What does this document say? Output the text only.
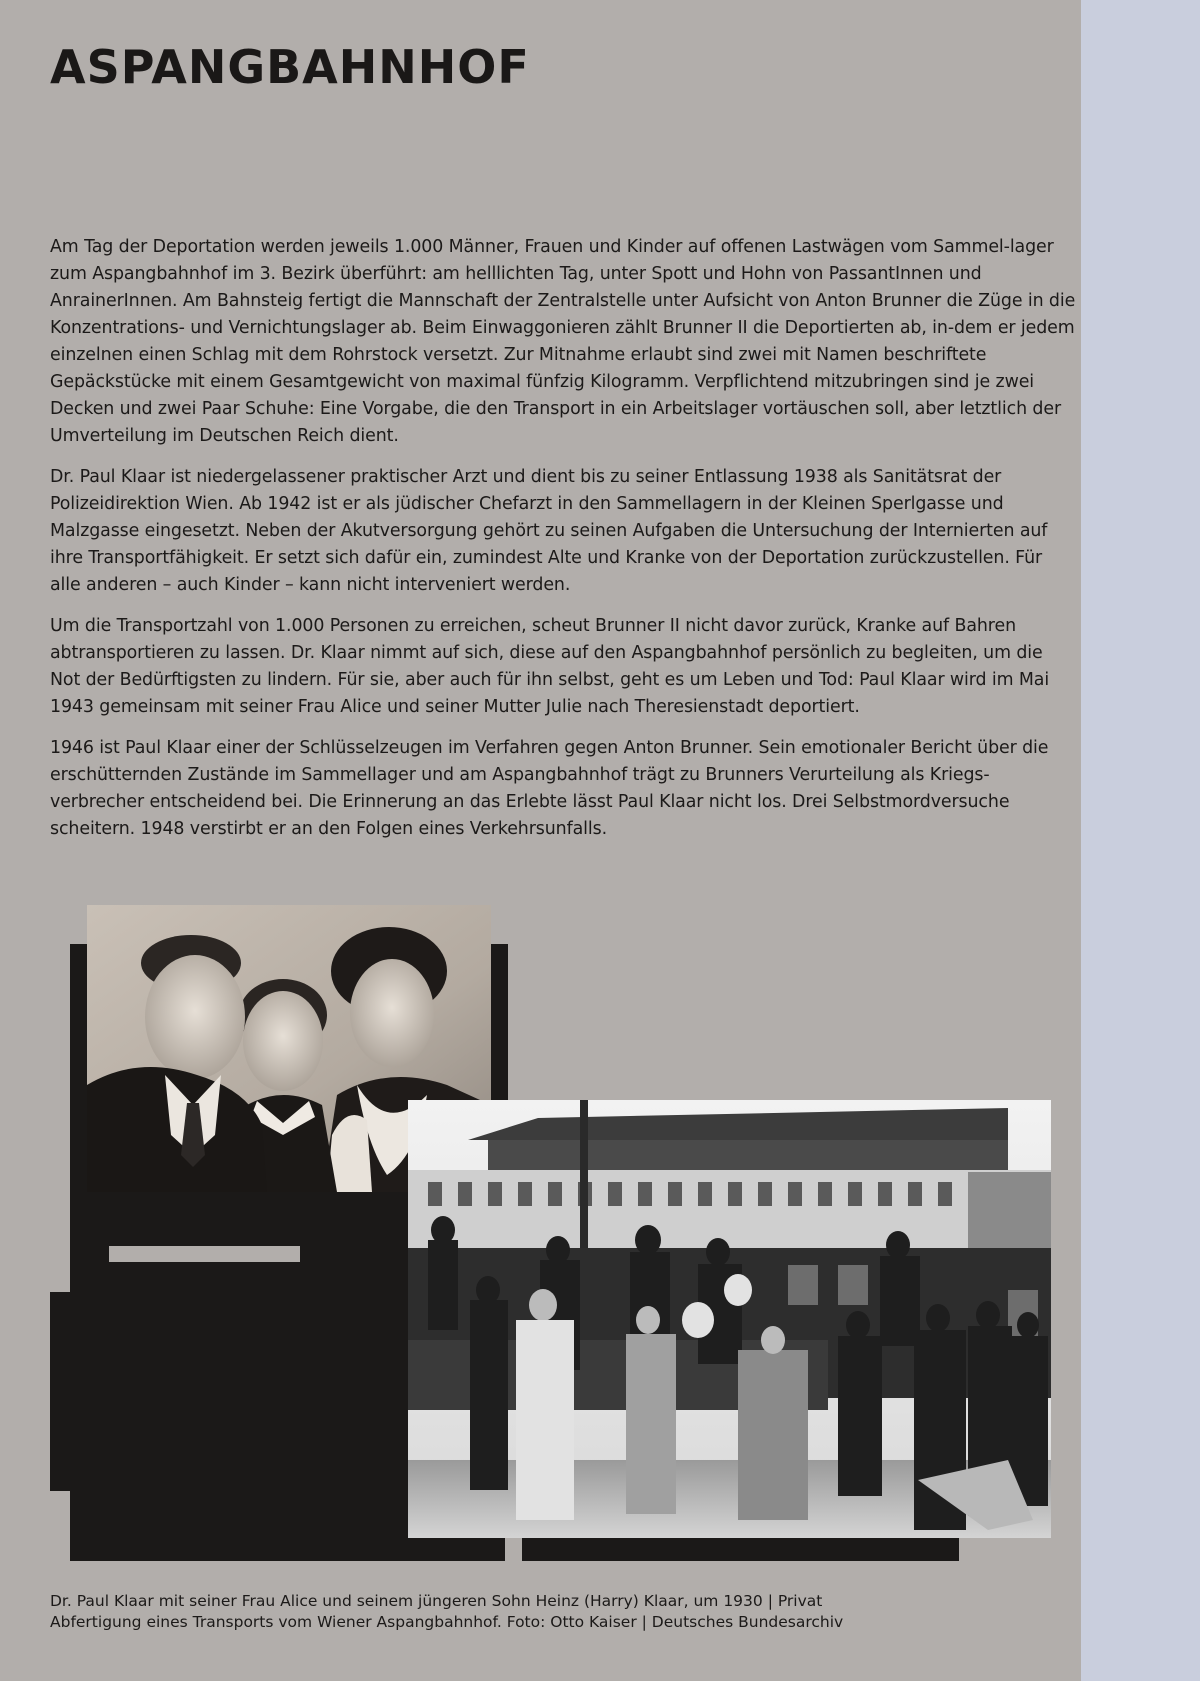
ASPANGBAHNHOF

Am Tag der Deportation werden jeweils 1.000 Männer, Frauen und Kinder auf offenen Lastwägen vom Sammel-lager zum Aspangbahnhof im 3. Bezirk überführt: am helllichten Tag, unter Spott und Hohn von PassantInnen und AnrainerInnen. Am Bahnsteig fertigt die Mannschaft der Zentralstelle unter Aufsicht von Anton Brunner die Züge in die Konzentrations- und Vernichtungslager ab. Beim Einwaggonieren zählt Brunner II die Deportierten ab, in-dem er jedem einzelnen einen Schlag mit dem Rohrstock versetzt. Zur Mitnahme erlaubt sind zwei mit Namen beschriftete Gepäckstücke mit einem Gesamtgewicht von maximal fünfzig Kilogramm. Verpflichtend mitzubringen sind je zwei Decken und zwei Paar Schuhe: Eine Vorgabe, die den Transport in ein Arbeitslager vortäuschen soll, aber letztlich der Umverteilung im Deutschen Reich dient.

Dr. Paul Klaar ist niedergelassener praktischer Arzt und dient bis zu seiner Entlassung 1938 als Sanitätsrat der Polizeidirektion Wien. Ab 1942 ist er als jüdischer Chefarzt in den Sammellagern in der Kleinen Sperlgasse und Malzgasse eingesetzt. Neben der Akutversorgung gehört zu seinen Aufgaben die Untersuchung der Internierten auf ihre Transportfähigkeit. Er setzt sich dafür ein, zumindest Alte und Kranke von der Deportation zurückzustellen. Für alle anderen – auch Kinder – kann nicht interveniert werden.

Um die Transportzahl von 1.000 Personen zu erreichen, scheut Brunner II nicht davor zurück, Kranke auf Bahren abtransportieren zu lassen. Dr. Klaar nimmt auf sich, diese auf den Aspangbahnhof persönlich zu begleiten, um die Not der Bedürftigsten zu lindern. Für sie, aber auch für ihn selbst, geht es um Leben und Tod: Paul Klaar wird im Mai 1943 gemeinsam mit seiner Frau Alice und seiner Mutter Julie nach Theresienstadt deportiert.

1946 ist Paul Klaar einer der Schlüsselzeugen im Verfahren gegen Anton Brunner. Sein emotionaler Bericht über die erschütternden Zustände im Sammellager und am Aspangbahnhof trägt zu Brunners Verurteilung als Kriegs-verbrecher entscheidend bei. Die Erinnerung an das Erlebte lässt Paul Klaar nicht los. Drei Selbstmordversuche scheitern. 1948 verstirbt er an den Folgen eines Verkehrsunfalls.

Dr. Paul Klaar mit seiner Frau Alice und seinem jüngeren Sohn Heinz (Harry) Klaar, um 1930 | Privat
Abfertigung eines Transports vom Wiener Aspangbahnhof. Foto: Otto Kaiser | Deutsches Bundesarchiv
